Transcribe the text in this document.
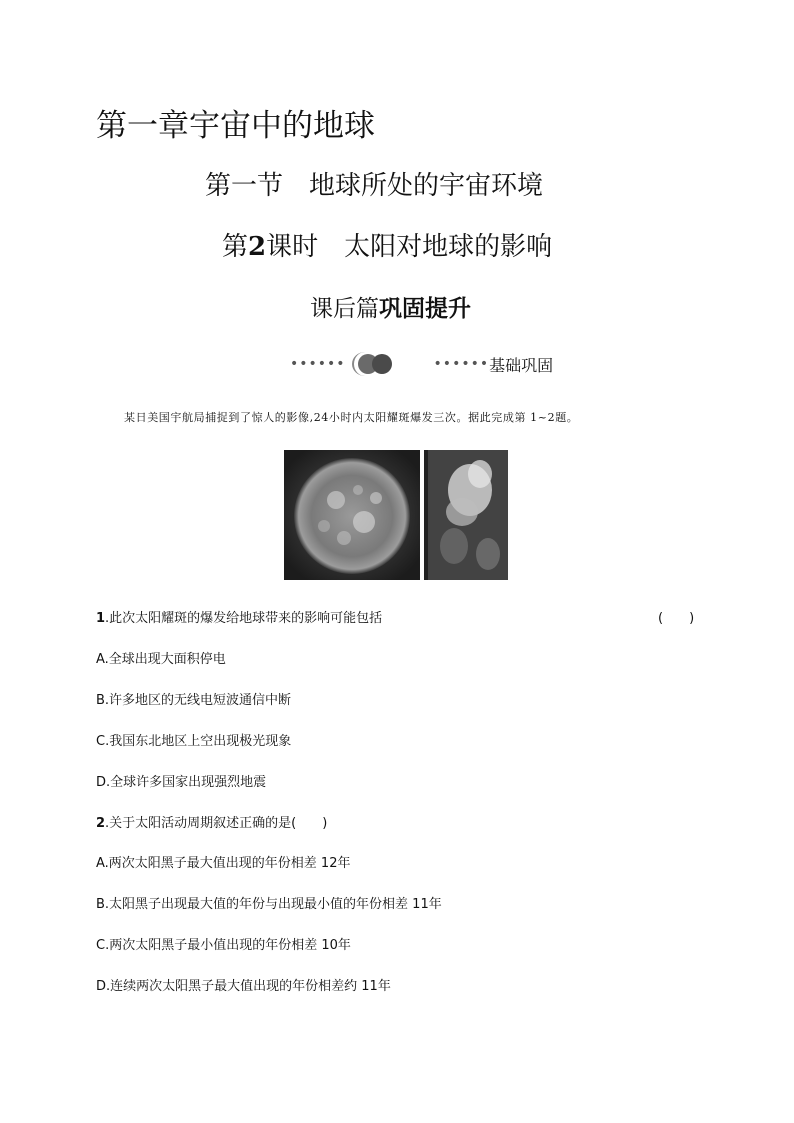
第一章宇宙中的地球
第一节　地球所处的宇宙环境
第2课时　太阳对地球的影响
课后篇巩固提升
••••••	••••••基础巩固
某日美国宇航局捕捉到了惊人的影像,24小时内太阳耀斑爆发三次。据此完成第 1~2题。
1.此次太阳耀斑的爆发给地球带来的影响可能包括	(　　)
A.全球出现大面积停电
B.许多地区的无线电短波通信中断
C.我国东北地区上空出现极光现象
D.全球许多国家出现强烈地震
2.关于太阳活动周期叙述正确的是(　　)
A.两次太阳黑子最大值出现的年份相差 12年
B.太阳黑子出现最大值的年份与出现最小值的年份相差 11年
C.两次太阳黑子最小值出现的年份相差 10年
D.连续两次太阳黑子最大值出现的年份相差约 11年
